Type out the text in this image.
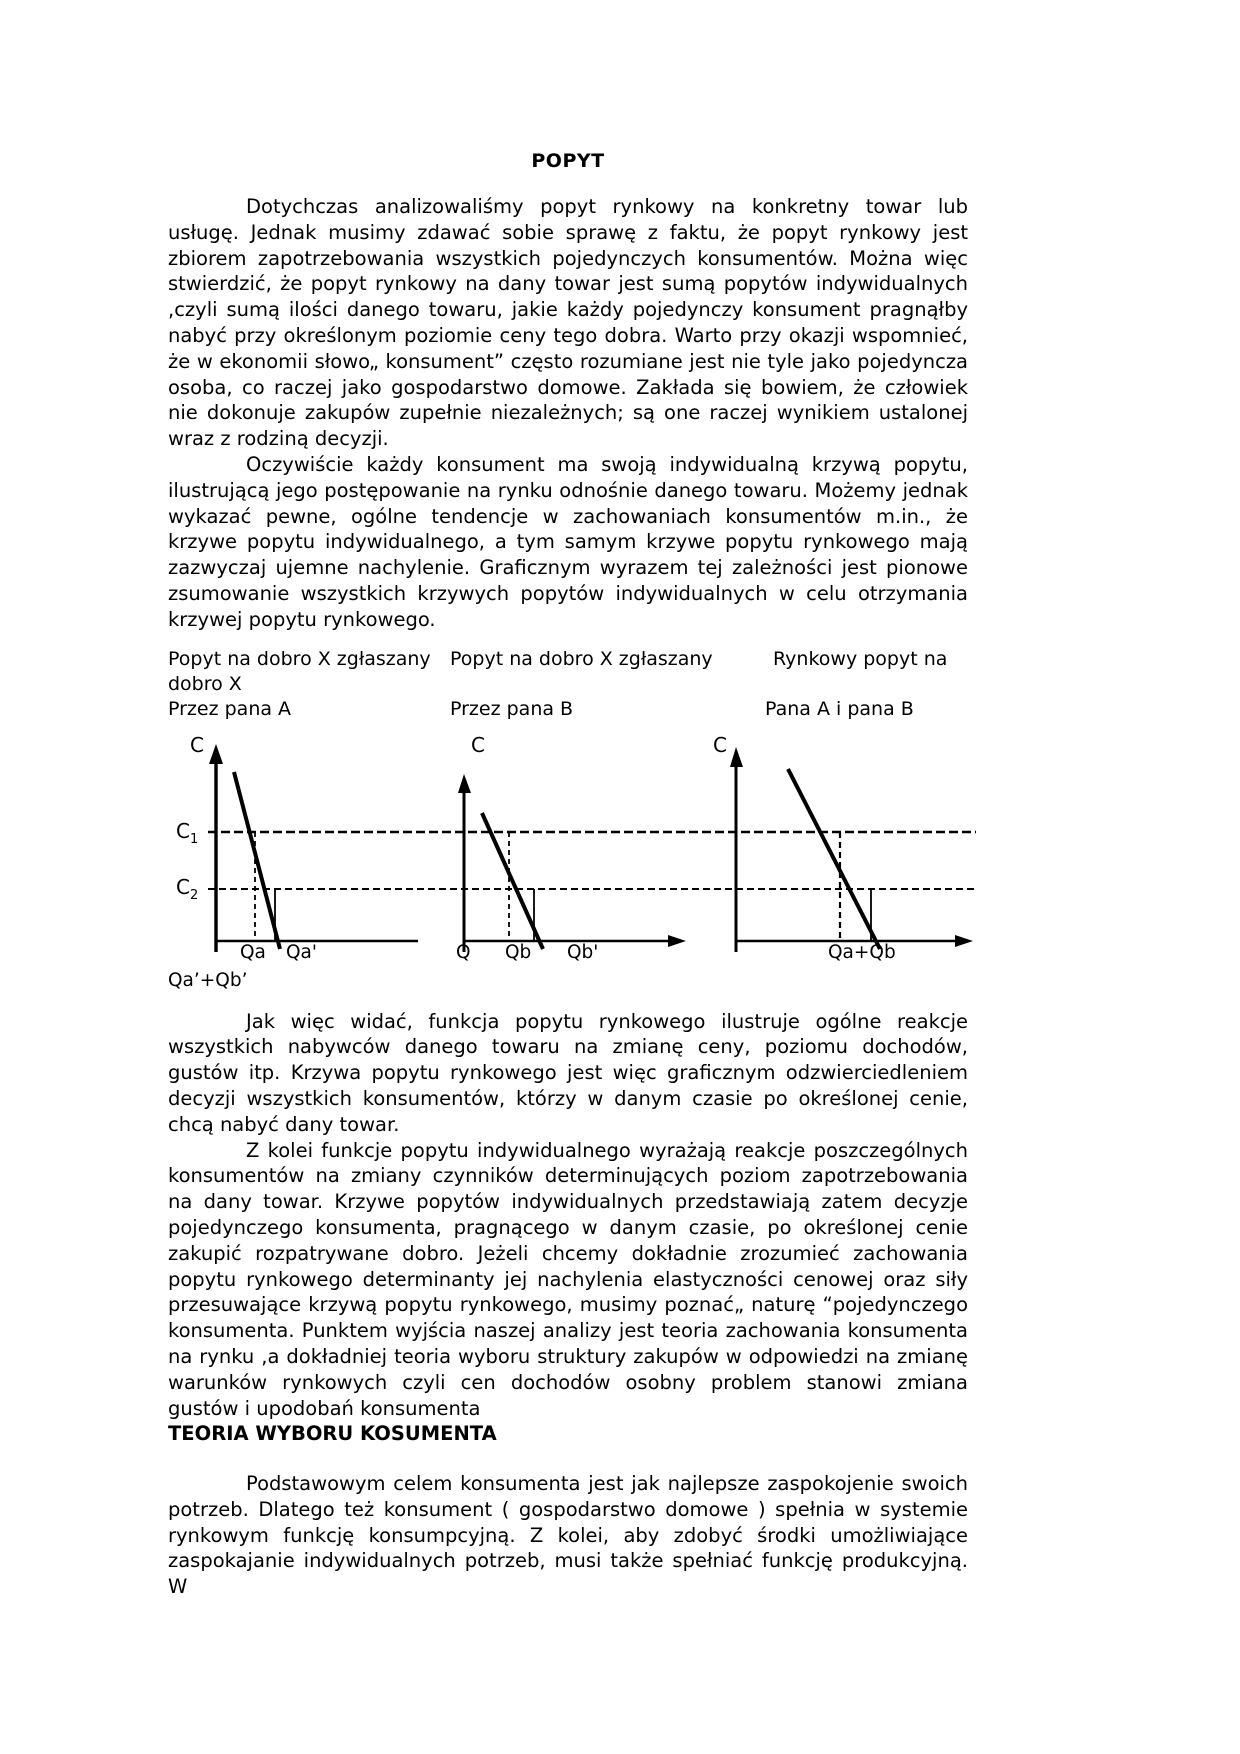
POPYT

Dotychczas analizowaliśmy popyt rynkowy na konkretny towar lub usługę. Jednak musimy zdawać sobie sprawę z faktu, że popyt rynkowy jest zbiorem zapotrzebowania wszystkich pojedynczych konsumentów. Można więc stwierdzić, że popyt rynkowy na dany towar jest sumą popytów indywidualnych ,czyli sumą ilości danego towaru, jakie każdy pojedynczy konsument pragnąłby nabyć przy określonym poziomie ceny tego dobra. Warto przy okazji wspomnieć, że w ekonomii słowo„ konsument” często rozumiane jest nie tyle jako pojedyncza osoba, co raczej jako gospodarstwo domowe. Zakłada się bowiem, że człowiek nie dokonuje zakupów zupełnie niezależnych; są one raczej wynikiem ustalonej wraz z rodziną decyzji.

Oczywiście każdy konsument ma swoją indywidualną krzywą popytu, ilustrującą jego postępowanie na rynku odnośnie danego towaru. Możemy jednak wykazać pewne, ogólne tendencje w zachowaniach konsumentów m.in., że krzywe popytu indywidualnego, a tym samym krzywe popytu rynkowego mają zazwyczaj ujemne nachylenie. Graficznym wyrazem tej zależności jest pionowe zsumowanie wszystkich krzywych popytów indywidualnych w celu otrzymania krzywej popytu rynkowego.

Popyt na dobro X zgłaszany	Popyt na dobro X zgłaszany	Rynkowy popyt na
dobro X
Przez pana A	Przez pana B	Pana A i pana B
C	C	C
$C_1$
$C_2$
Qa Qa'
Qa’+Qb’
Q Qb Qb'	Qa+Qb

Jak więc widać, funkcja popytu rynkowego ilustruje ogólne reakcje wszystkich nabywców danego towaru na zmianę ceny, poziomu dochodów, gustów itp. Krzywa popytu rynkowego jest więc graficznym odzwierciedleniem decyzji wszystkich konsumentów, którzy w danym czasie po określonej cenie, chcą nabyć dany towar.

Z kolei funkcje popytu indywidualnego wyrażają reakcje poszczególnych konsumentów na zmiany czynników determinujących poziom zapotrzebowania na dany towar. Krzywe popytów indywidualnych przedstawiają zatem decyzje pojedynczego konsumenta, pragnącego w danym czasie, po określonej cenie zakupić rozpatrywane dobro. Jeżeli chcemy dokładnie zrozumieć zachowania popytu rynkowego determinanty jej nachylenia elastyczności cenowej oraz siły przesuwające krzywą popytu rynkowego, musimy poznać„ naturę “pojedynczego konsumenta. Punktem wyjścia naszej analizy jest teoria zachowania konsumenta na rynku ,a dokładniej teoria wyboru struktury zakupów w odpowiedzi na zmianę warunków rynkowych czyli cen dochodów osobny problem stanowi zmiana gustów i upodobań konsumenta

TEORIA WYBORU KOSUMENTA

Podstawowym celem konsumenta jest jak najlepsze zaspokojenie swoich potrzeb. Dlatego też konsument ( gospodarstwo domowe ) spełnia w systemie rynkowym funkcję konsumpcyjną. Z kolei, aby zdobyć środki umożliwiające zaspokajanie indywidualnych potrzeb, musi także spełniać funkcję produkcyjną. W
